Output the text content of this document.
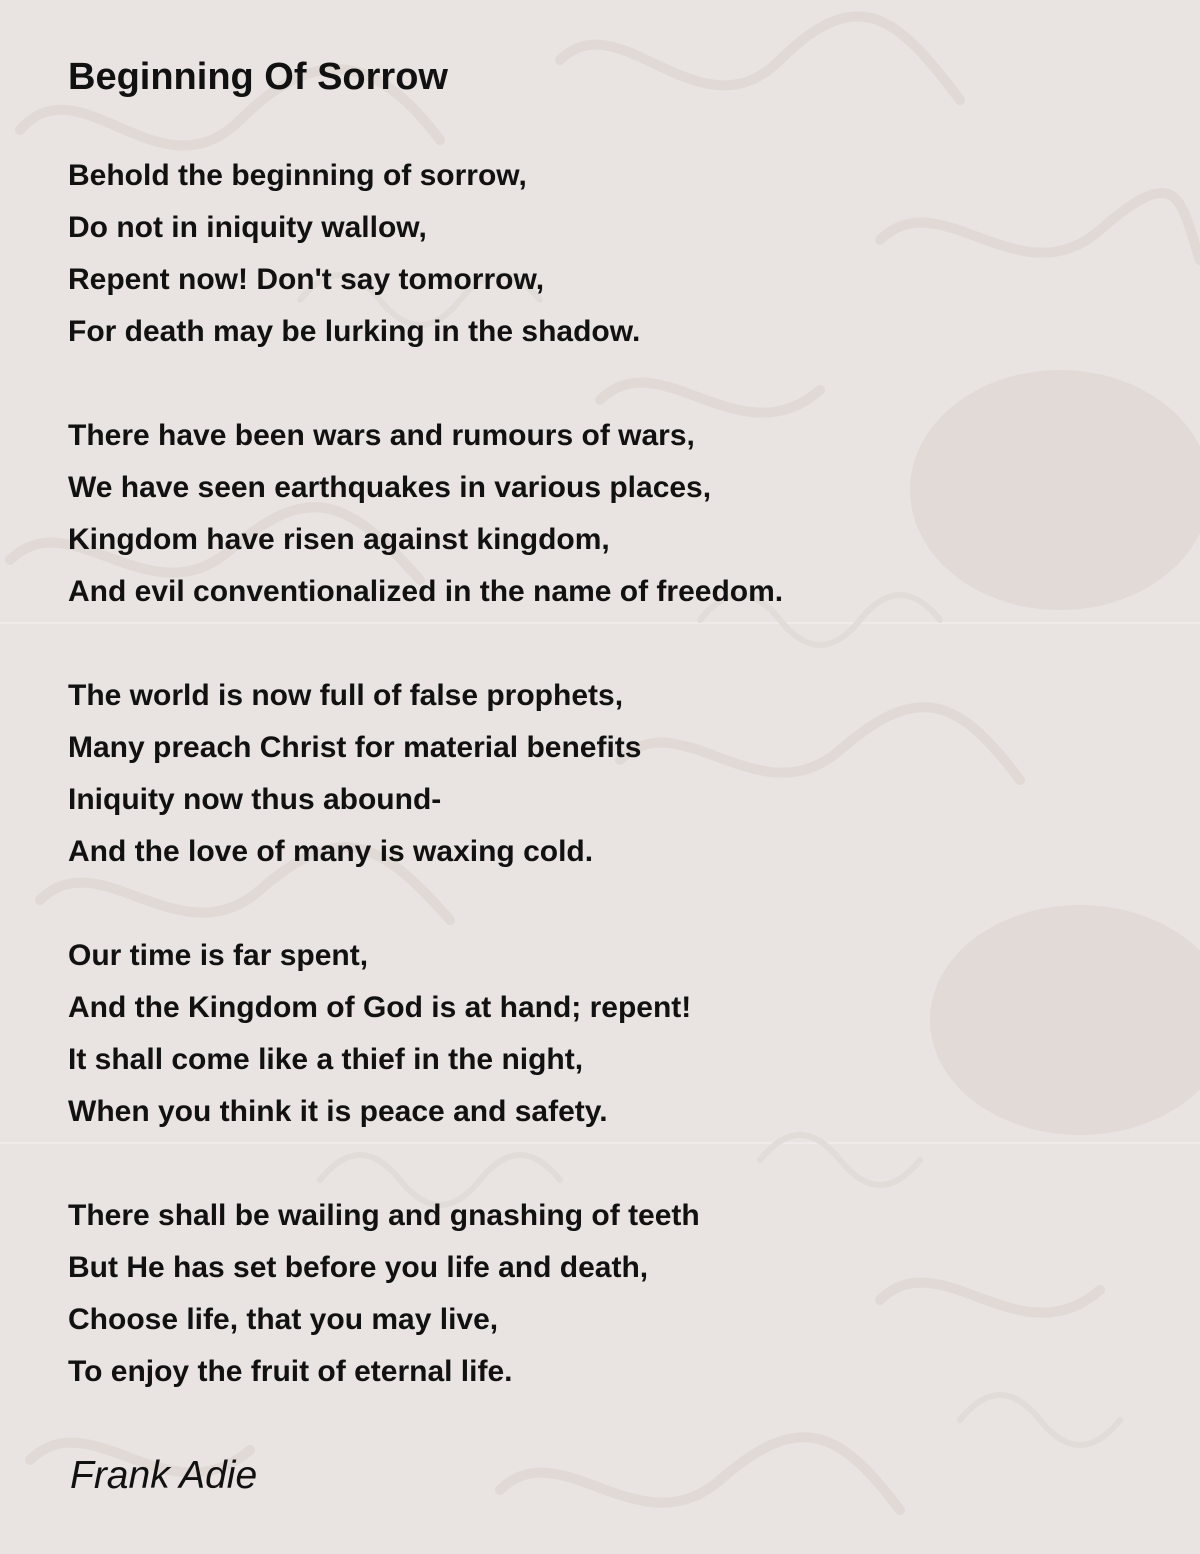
Beginning Of Sorrow
Behold the beginning of sorrow,
Do not in iniquity wallow,
Repent now! Don't say tomorrow,
For death may be lurking in the shadow.
There have been wars and rumours of wars,
We have seen earthquakes in various places,
Kingdom have risen against kingdom,
And evil conventionalized in the name of freedom.
The world is now full of false prophets,
Many preach Christ for material benefits
Iniquity now thus abound-
And the love of many is waxing cold.
Our time is far spent,
And the Kingdom of God is at hand; repent!
It shall come like a thief in the night,
When you think it is peace and safety.
There shall be wailing and gnashing of teeth
But He has set before you life and death,
Choose life, that you may live,
To enjoy the fruit of eternal life.
Frank Adie
